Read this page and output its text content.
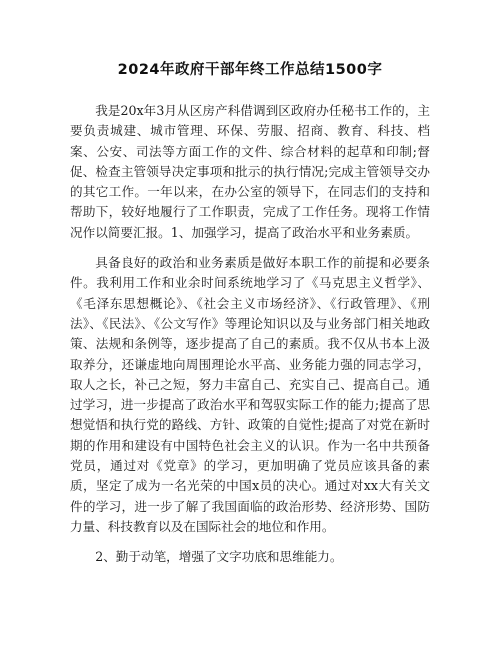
2024年政府干部年终工作总结1500字

我是20x年3月从区房产科借调到区政府办任秘书工作的，主要负责城建、城市管理、环保、劳服、招商、教育、科技、档案、公安、司法等方面工作的文件、综合材料的起草和印制;督促、检查主管领导决定事项和批示的执行情况;完成主管领导交办的其它工作。一年以来，在办公室的领导下，在同志们的支持和帮助下，较好地履行了工作职责，完成了工作任务。现将工作情况作以简要汇报。1、加强学习，提高了政治水平和业务素质。

具备良好的政治和业务素质是做好本职工作的前提和必要条件。我利用工作和业余时间系统地学习了《马克思主义哲学》、《毛泽东思想概论》、《社会主义市场经济》、《行政管理》、《刑法》、《民法》、《公文写作》等理论知识以及与业务部门相关地政策、法规和条例等，逐步提高了自己的素质。我不仅从书本上汲取养分，还谦虚地向周围理论水平高、业务能力强的同志学习，取人之长，补己之短，努力丰富自己、充实自己、提高自己。通过学习，进一步提高了政治水平和驾驭实际工作的能力;提高了思想觉悟和执行党的路线、方针、政策的自觉性;提高了对党在新时期的作用和建设有中国特色社会主义的认识。作为一名中共预备党员，通过对《党章》的学习，更加明确了党员应该具备的素质，坚定了成为一名光荣的中国x员的决心。通过对xx大有关文件的学习，进一步了解了我国面临的政治形势、经济形势、国防力量、科技教育以及在国际社会的地位和作用。

2、勤于动笔，增强了文字功底和思维能力。
